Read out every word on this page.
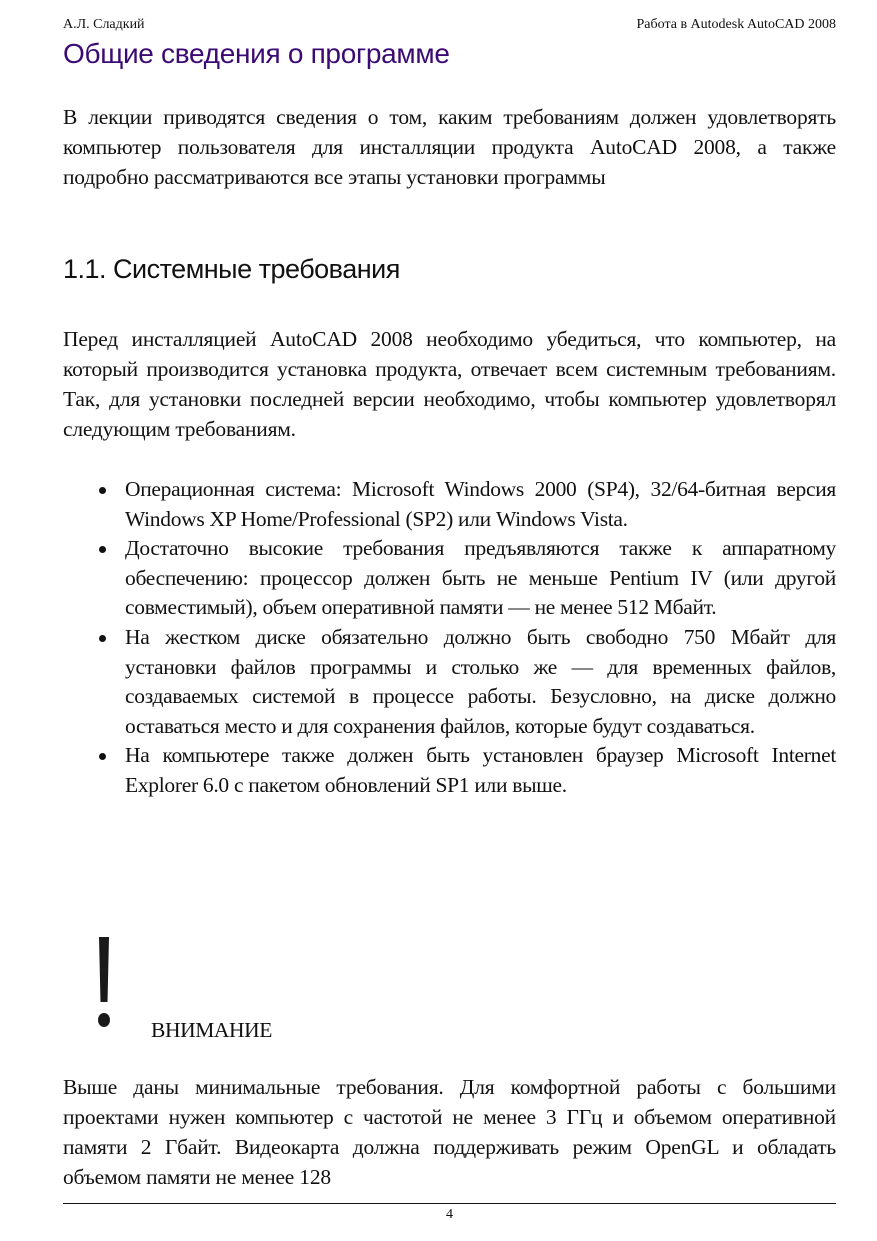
А.Л. Сладкий	Работа в Autodesk AutoCAD 2008
Общие сведения о программе

В лекции приводятся сведения о том, каким требованиям должен удовлетворять компьютер пользователя для инсталляции продукта AutoCAD 2008, а также подробно рассматриваются все этапы установки программы

1.1. Системные требования

Перед инсталляцией AutoCAD 2008 необходимо убедиться, что компьютер, на который производится установка продукта, отвечает всем системным требованиям. Так, для установки последней версии необходимо, чтобы компьютер удовлетворял следующим требованиям.

Операционная система: Microsoft Windows 2000 (SP4), 32/64-битная версия Windows XP Home/Professional (SP2) или Windows Vista.
Достаточно высокие требования предъявляются также к аппаратному обеспечению: процессор должен быть не меньше Pentium IV (или другой совместимый), объем оперативной памяти — не менее 512 Мбайт.
На жестком диске обязательно должно быть свободно 750 Мбайт для установки файлов программы и столько же — для временных файлов, создаваемых системой в процессе работы. Безусловно, на диске должно оставаться место и для сохранения файлов, которые будут создаваться.
На компьютере также должен быть установлен браузер Microsoft Internet Explorer 6.0 с пакетом обновлений SP1 или выше.
ВНИМАНИЕ

Выше даны минимальные требования. Для комфортной работы с большими проектами нужен компьютер с частотой не менее 3 ГГц и объемом оперативной памяти 2 Гбайт. Видеокарта должна поддерживать режим OpenGL и обладать объемом памяти не менее 128

4
